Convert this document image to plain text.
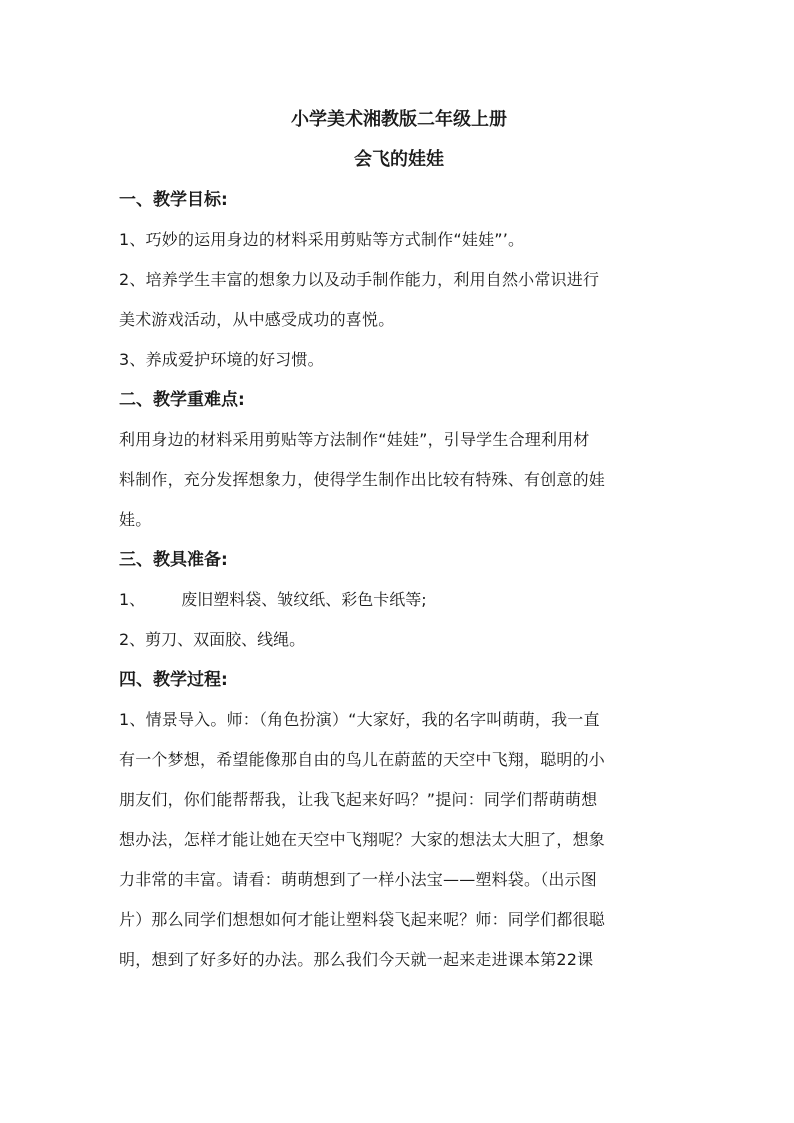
小学美术湘教版二年级上册

会飞的娃娃

一、教学目标:

1、巧妙的运用身边的材料采用剪贴等方式制作“娃娃”’。

2、培养学生丰富的想象力以及动手制作能力，利用自然小常识进行

美术游戏活动，从中感受成功的喜悦。

3、养成爱护环境的好习惯。

二、教学重难点:

利用身边的材料采用剪贴等方法制作“娃娃”，引导学生合理利用材

料制作，充分发挥想象力，使得学生制作出比较有特殊、有创意的娃

娃。

三、教具准备:

1、 废旧塑料袋、皱纹纸、彩色卡纸等;

2、剪刀、双面胶、线绳。

四、教学过程:

1、情景导入。师：（角色扮演）“大家好，我的名字叫萌萌，我一直

有一个梦想，希望能像那自由的鸟儿在蔚蓝的天空中飞翔，聪明的小

朋友们，你们能帮帮我，让我飞起来好吗？”提问：同学们帮萌萌想

想办法，怎样才能让她在天空中飞翔呢？大家的想法太大胆了，想象

力非常的丰富。请看：萌萌想到了一样小法宝——塑料袋。（出示图

片）那么同学们想想如何才能让塑料袋飞起来呢？师：同学们都很聪

明，想到了好多好的办法。那么我们今天就一起来走进课本第22课
